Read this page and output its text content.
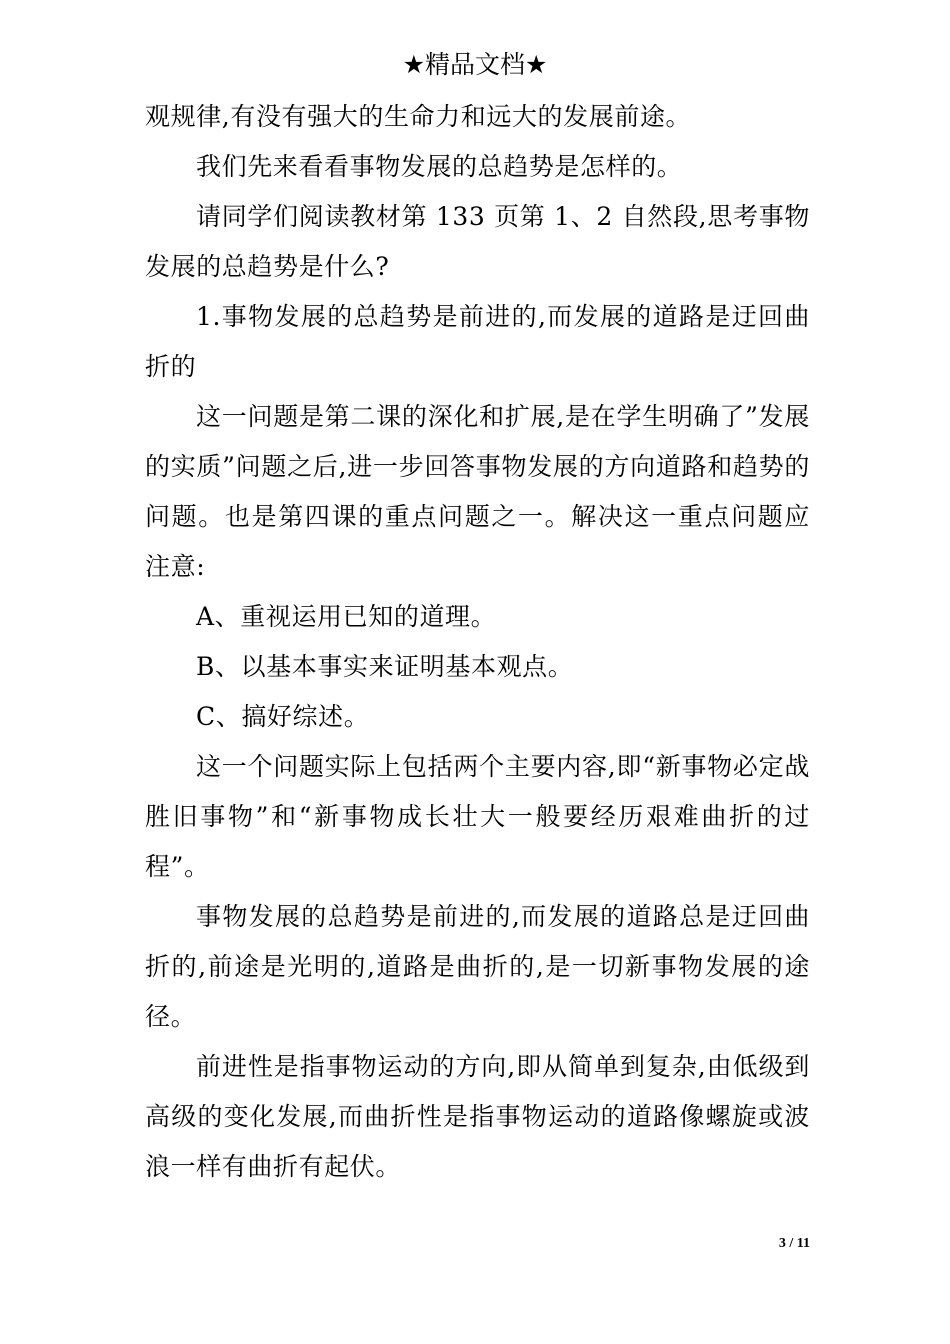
★精品文档★

观规律,有没有强大的生命力和远大的发展前途。

我们先来看看事物发展的总趋势是怎样的。

请同学们阅读教材第 133 页第 1、2 自然段,思考事物发展的总趋势是什么?

1.事物发展的总趋势是前进的,而发展的道路是迂回曲折的

这一问题是第二课的深化和扩展,是在学生明确了”发展的实质”问题之后,进一步回答事物发展的方向道路和趋势的问题。也是第四课的重点问题之一。解决这一重点问题应注意:

A、重视运用已知的道理。

B、以基本事实来证明基本观点。

C、搞好综述。

这一个问题实际上包括两个主要内容,即“新事物必定战胜旧事物”和“新事物成长壮大一般要经历艰难曲折的过程”。

事物发展的总趋势是前进的,而发展的道路总是迂回曲折的,前途是光明的,道路是曲折的,是一切新事物发展的途径。

前进性是指事物运动的方向,即从简单到复杂,由低级到高级的变化发展,而曲折性是指事物运动的道路像螺旋或波浪一样有曲折有起伏。

3 / 11
